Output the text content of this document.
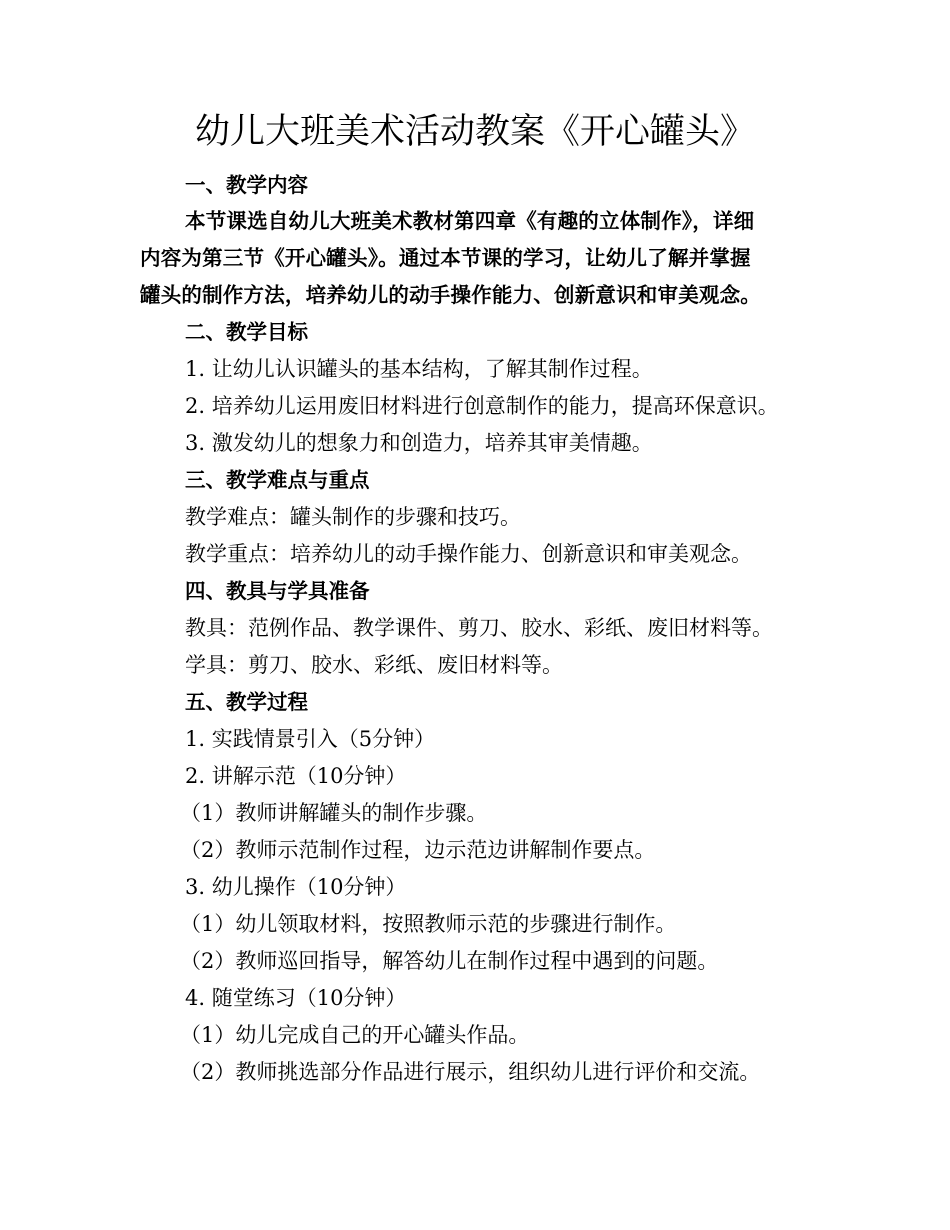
幼儿大班美术活动教案《开心罐头》

一、教学内容

本节课选自幼儿大班美术教材第四章《有趣的立体制作》，详细

内容为第三节《开心罐头》。通过本节课的学习，让幼儿了解并掌握

罐头的制作方法，培养幼儿的动手操作能力、创新意识和审美观念。

二、教学目标

1. 让幼儿认识罐头的基本结构，了解其制作过程。

2. 培养幼儿运用废旧材料进行创意制作的能力，提高环保意识。

3. 激发幼儿的想象力和创造力，培养其审美情趣。

三、教学难点与重点

教学难点：罐头制作的步骤和技巧。

教学重点：培养幼儿的动手操作能力、创新意识和审美观念。

四、教具与学具准备

教具：范例作品、教学课件、剪刀、胶水、彩纸、废旧材料等。

学具：剪刀、胶水、彩纸、废旧材料等。

五、教学过程

1. 实践情景引入（5分钟）

2. 讲解示范（10分钟）

（1）教师讲解罐头的制作步骤。

（2）教师示范制作过程，边示范边讲解制作要点。

3. 幼儿操作（10分钟）

（1）幼儿领取材料，按照教师示范的步骤进行制作。

（2）教师巡回指导，解答幼儿在制作过程中遇到的问题。

4. 随堂练习（10分钟）

（1）幼儿完成自己的开心罐头作品。

（2）教师挑选部分作品进行展示，组织幼儿进行评价和交流。
